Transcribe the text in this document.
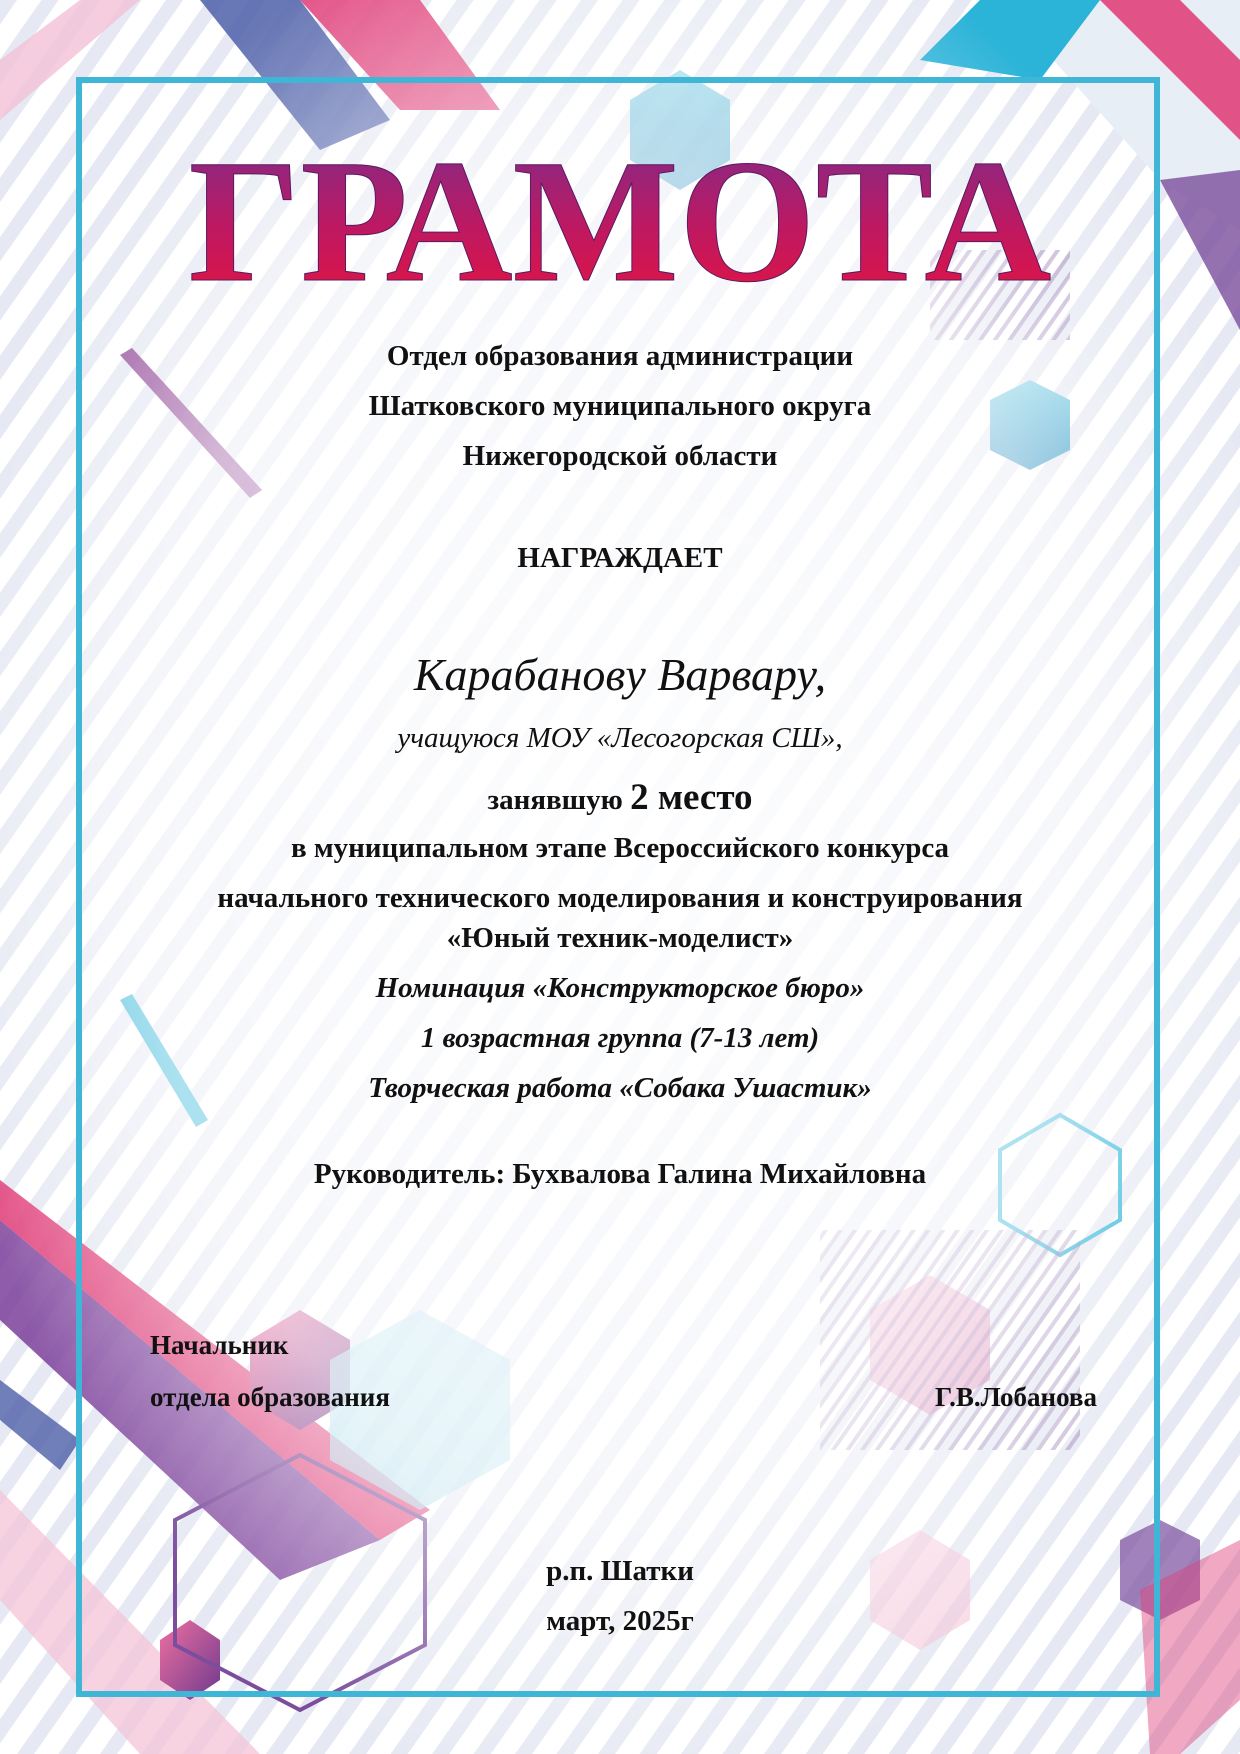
ГРАМОТА
Отдел образования администрации
Шатковского муниципального округа
Нижегородской области
НАГРАЖДАЕТ
Карабанову Варвару,
учащуюся МОУ «Лесогорская СШ»,
занявшую 2 место
в муниципальном этапе Всероссийского конкурса
начального технического моделирования и конструирования
«Юный техник-моделист»
Номинация «Конструкторское бюро»
1 возрастная группа (7-13 лет)
Творческая работа «Собака Ушастик»
Руководитель: Бухвалова Галина Михайловна
Начальник
отдела образования	Г.В.Лобанова
р.п. Шатки
март, 2025г
